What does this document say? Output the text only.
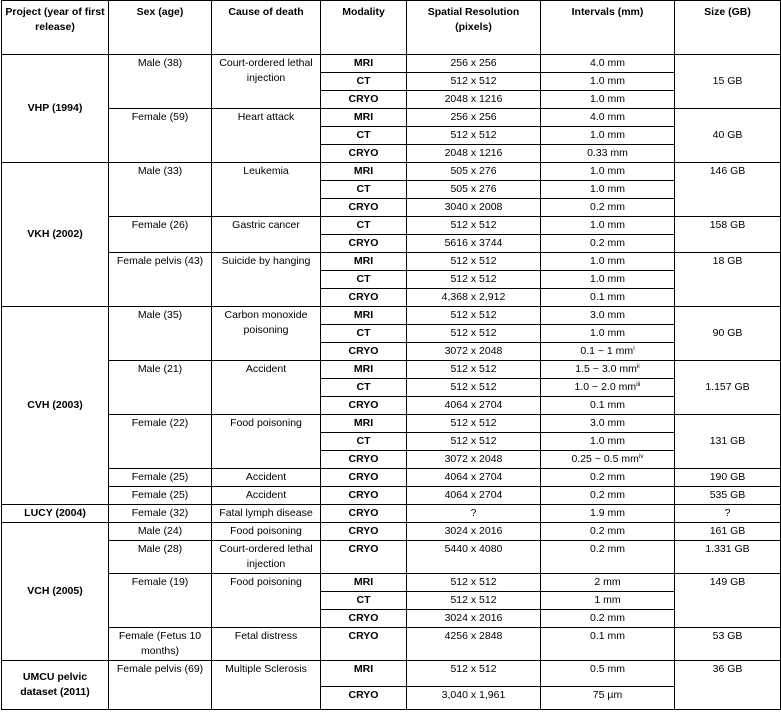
Project (year of first release)	Sex (age)	Cause of death	Modality	Spatial Resolution (pixels)	Intervals (mm)	Size (GB)
VHP (1994)	Male (38)	Court-ordered lethal injection	MRI	256 x 256	4.0 mm	15 GB
			CT	512 x 512	1.0 mm	
			CRYO	2048 x 1216	1.0 mm	
	Female (59)	Heart attack	MRI	256 x 256	4.0 mm	40 GB
			CT	512 x 512	1.0 mm	
			CRYO	2048 x 1216	0.33 mm	
VKH (2002)	Male (33)	Leukemia	MRI	505 x 276	1.0 mm	146 GB
			CT	505 x 276	1.0 mm	
			CRYO	3040 x 2008	0.2 mm	
	Female (26)	Gastric cancer	CT	512 x 512	1.0 mm	158 GB
			CRYO	5616 x 3744	0.2 mm	
	Female pelvis (43)	Suicide by hanging	MRI	512 x 512	1.0 mm	18 GB
			CT	512 x 512	1.0 mm	
			CRYO	4,368 x 2,912	0.1 mm	
CVH (2003)	Male (35)	Carbon monoxide poisoning	MRI	512 x 512	3.0 mm	90 GB
			CT	512 x 512	1.0 mm	
			CRYO	3072 x 2048	0.1 ~ 1 $mm^i$
	Male (21)	Accident	MRI	512 x 512	1.5 ~ 3.0 $mm^{ii}$	1.157 GB
			CT	512 x 512	1.0 ~ 2.0 $mm^{iii}$
			CRYO	4064 x 2704	0.1 mm	
	Female (22)	Food poisoning	MRI	512 x 512	3.0 mm	131 GB
			CT	512 x 512	1.0 mm	
			CRYO	3072 x 2048	0.25 ~ 0.5 $mm^{iv}$
	Female (25)	Accident	CRYO	4064 x 2704	0.2 mm	190 GB
	Female (25)	Accident	CRYO	4064 x 2704	0.2 mm	535 GB
LUCY (2004)	Female (32)	Fatal lymph disease	CRYO	?	1.9 mm	?
VCH (2005)	Male (24)	Food poisoning	CRYO	3024 x 2016	0.2 mm	161 GB
	Male (28)	Court-ordered lethal injection	CRYO	5440 x 4080	0.2 mm	1.331 GB
	Female (19)	Food poisoning	MRI	512 x 512	2 mm	149 GB
			CT	512 x 512	1 mm	
			CRYO	3024 x 2016	0.2 mm	
	Female (Fetus 10 months)	Fetal distress	CRYO	4256 x 2848	0.1 mm	53 GB
UMCU pelvic dataset (2011)	Female pelvis (69)	Multiple Sclerosis	MRI	512 x 512	0.5 mm	36 GB
			CRYO	3,040 x 1,961	75 µm	
